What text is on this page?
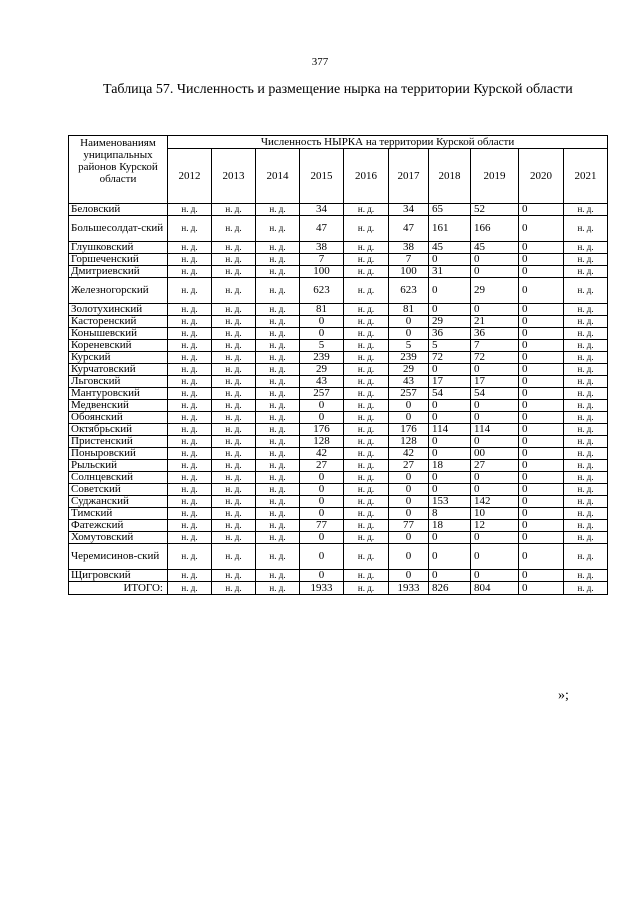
377
Таблица 57. Численность и размещение нырка на территории Курской области
Наименованиям униципальных районов Курской области	Численность НЫРКА на территории Курской области									
	2012	2013	2014	2015	2016	2017	2018	2019	2020	2021
Беловский	н. д.	н. д.	н. д.	34	н. д.	34	65	52	0	н. д.
Большесолдат-ский	н. д.	н. д.	н. д.	47	н. д.	47	161	166	0	н. д.
Глушковский	н. д.	н. д.	н. д.	38	н. д.	38	45	45	0	н. д.
Горшеченский	н. д.	н. д.	н. д.	7	н. д.	7	0	0	0	н. д.
Дмитриевский	н. д.	н. д.	н. д.	100	н. д.	100	31	0	0	н. д.
Железногорский	н. д.	н. д.	н. д.	623	н. д.	623	0	29	0	н. д.
Золотухинский	н. д.	н. д.	н. д.	81	н. д.	81	0	0	0	н. д.
Касторенский	н. д.	н. д.	н. д.	0	н. д.	0	29	21	0	н. д.
Конышевский	н. д.	н. д.	н. д.	0	н. д.	0	36	36	0	н. д.
Кореневский	н. д.	н. д.	н. д.	5	н. д.	5	5	7	0	н. д.
Курский	н. д.	н. д.	н. д.	239	н. д.	239	72	72	0	н. д.
Курчатовский	н. д.	н. д.	н. д.	29	н. д.	29	0	0	0	н. д.
Льговский	н. д.	н. д.	н. д.	43	н. д.	43	17	17	0	н. д.
Мантуровский	н. д.	н. д.	н. д.	257	н. д.	257	54	54	0	н. д.
Медвенский	н. д.	н. д.	н. д.	0	н. д.	0	0	0	0	н. д.
Обоянский	н. д.	н. д.	н. д.	0	н. д.	0	0	0	0	н. д.
Октябрьский	н. д.	н. д.	н. д.	176	н. д.	176	114	114	0	н. д.
Пристенский	н. д.	н. д.	н. д.	128	н. д.	128	0	0	0	н. д.
Поныровский	н. д.	н. д.	н. д.	42	н. д.	42	0	00	0	н. д.
Рыльский	н. д.	н. д.	н. д.	27	н. д.	27	18	27	0	н. д.
Солнцевский	н. д.	н. д.	н. д.	0	н. д.	0	0	0	0	н. д.
Советский	н. д.	н. д.	н. д.	0	н. д.	0	0	0	0	н. д.
Суджанский	н. д.	н. д.	н. д.	0	н. д.	0	153	142	0	н. д.
Тимский	н. д.	н. д.	н. д.	0	н. д.	0	8	10	0	н. д.
Фатежский	н. д.	н. д.	н. д.	77	н. д.	77	18	12	0	н. д.
Хомутовский	н. д.	н. д.	н. д.	0	н. д.	0	0	0	0	н. д.
Черемисинов-ский	н. д.	н. д.	н. д.	0	н. д.	0	0	0	0	н. д.
Щигровский	н. д.	н. д.	н. д.	0	н. д.	0	0	0	0	н. д.
ИТОГО:	н. д.	н. д.	н. д.	1933	н. д.	1933	826	804	0	н. д.
»;
